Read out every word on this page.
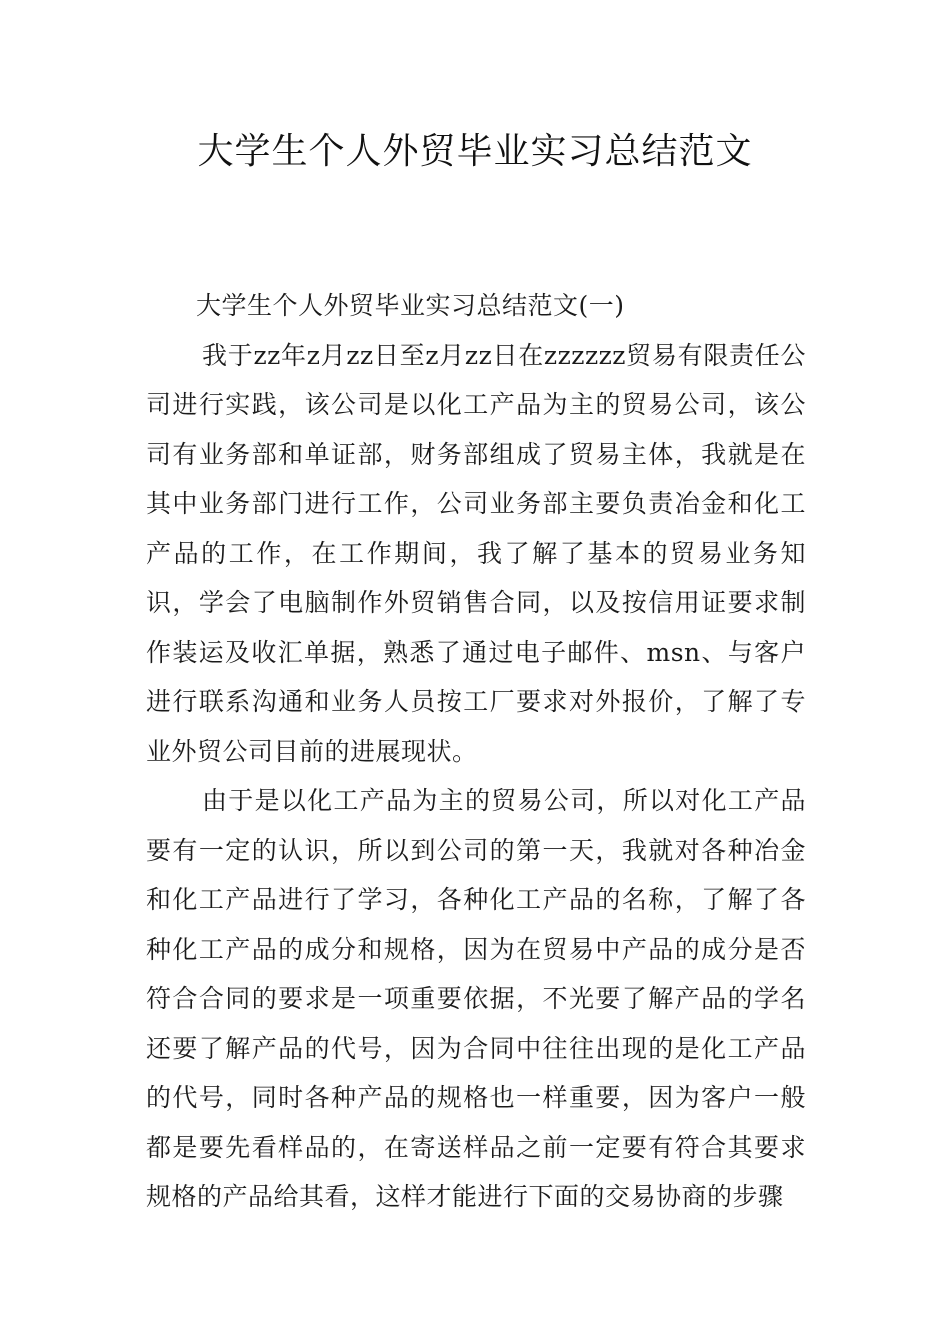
大学生个人外贸毕业实习总结范文

大学生个人外贸毕业实习总结范文(一)

我于zz年z月zz日至z月zz日在zzzzzz贸易有限责任公司进行实践，该公司是以化工产品为主的贸易公司，该公司有业务部和单证部，财务部组成了贸易主体，我就是在其中业务部门进行工作，公司业务部主要负责冶金和化工产品的工作，在工作期间，我了解了基本的贸易业务知识，学会了电脑制作外贸销售合同，以及按信用证要求制作装运及收汇单据，熟悉了通过电子邮件、msn、与客户进行联系沟通和业务人员按工厂要求对外报价，了解了专业外贸公司目前的进展现状。

由于是以化工产品为主的贸易公司，所以对化工产品要有一定的认识，所以到公司的第一天，我就对各种冶金和化工产品进行了学习，各种化工产品的名称，了解了各种化工产品的成分和规格，因为在贸易中产品的成分是否符合合同的要求是一项重要依据，不光要了解产品的学名还要了解产品的代号，因为合同中往往出现的是化工产品的代号，同时各种产品的规格也一样重要，因为客户一般都是要先看样品的，在寄送样品之前一定要有符合其要求规格的产品给其看，这样才能进行下面的交易协商的步骤
